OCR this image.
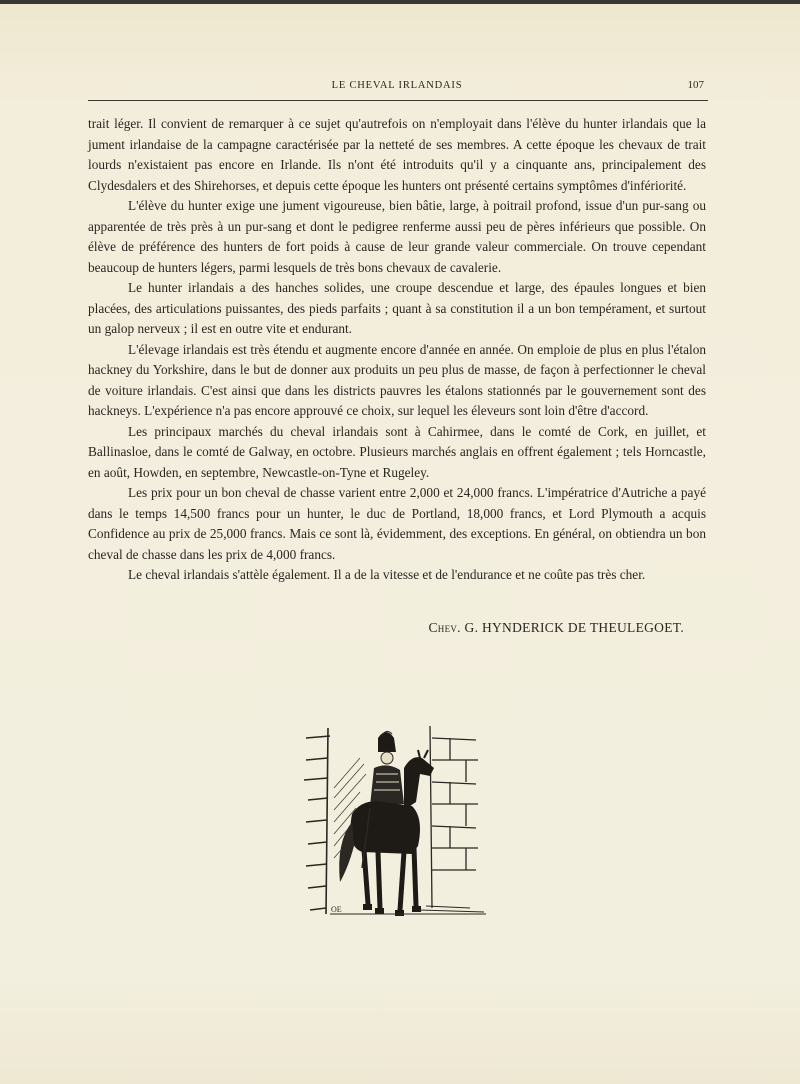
LE CHEVAL IRLANDAIS	107

trait léger. Il convient de remarquer à ce sujet qu'autrefois on n'employait dans l'élève du hunter irlandais que la jument irlandaise de la campagne caractérisée par la netteté de ses membres. A cette époque les chevaux de trait lourds n'existaient pas encore en Irlande. Ils n'ont été introduits qu'il y a cinquante ans, principalement des Clydesdalers et des Shirehorses, et depuis cette époque les hunters ont présenté certains symptômes d'infériorité.

L'élève du hunter exige une jument vigoureuse, bien bâtie, large, à poitrail profond, issue d'un pur-sang ou apparentée de très près à un pur-sang et dont le pedigree renferme aussi peu de pères inférieurs que possible. On élève de préférence des hunters de fort poids à cause de leur grande valeur commerciale. On trouve cependant beaucoup de hunters légers, parmi lesquels de très bons chevaux de cavalerie.

Le hunter irlandais a des hanches solides, une croupe descendue et large, des épaules longues et bien placées, des articulations puissantes, des pieds parfaits ; quant à sa constitution il a un bon tempérament, et surtout un galop nerveux ; il est en outre vite et endurant.

L'élevage irlandais est très étendu et augmente encore d'année en année. On emploie de plus en plus l'étalon hackney du Yorkshire, dans le but de donner aux produits un peu plus de masse, de façon à perfectionner le cheval de voiture irlandais. C'est ainsi que dans les districts pauvres les étalons stationnés par le gouvernement sont des hackneys. L'expérience n'a pas encore approuvé ce choix, sur lequel les éleveurs sont loin d'être d'accord.

Les principaux marchés du cheval irlandais sont à Cahirmee, dans le comté de Cork, en juillet, et Ballinasloe, dans le comté de Galway, en octobre. Plusieurs marchés anglais en offrent également ; tels Horncastle, en août, Howden, en septembre, Newcastle-on-Tyne et Rugeley.

Les prix pour un bon cheval de chasse varient entre 2,000 et 24,000 francs. L'impératrice d'Autriche a payé dans le temps 14,500 francs pour un hunter, le duc de Portland, 18,000 francs, et Lord Plymouth a acquis Confidence au prix de 25,000 francs. Mais ce sont là, évidemment, des exceptions. En général, on obtiendra un bon cheval de chasse dans les prix de 4,000 francs.

Le cheval irlandais s'attèle également. Il a de la vitesse et de l'endurance et ne coûte pas très cher.

Chev. G. HYNDERICK DE THEULEGOET.
OE
